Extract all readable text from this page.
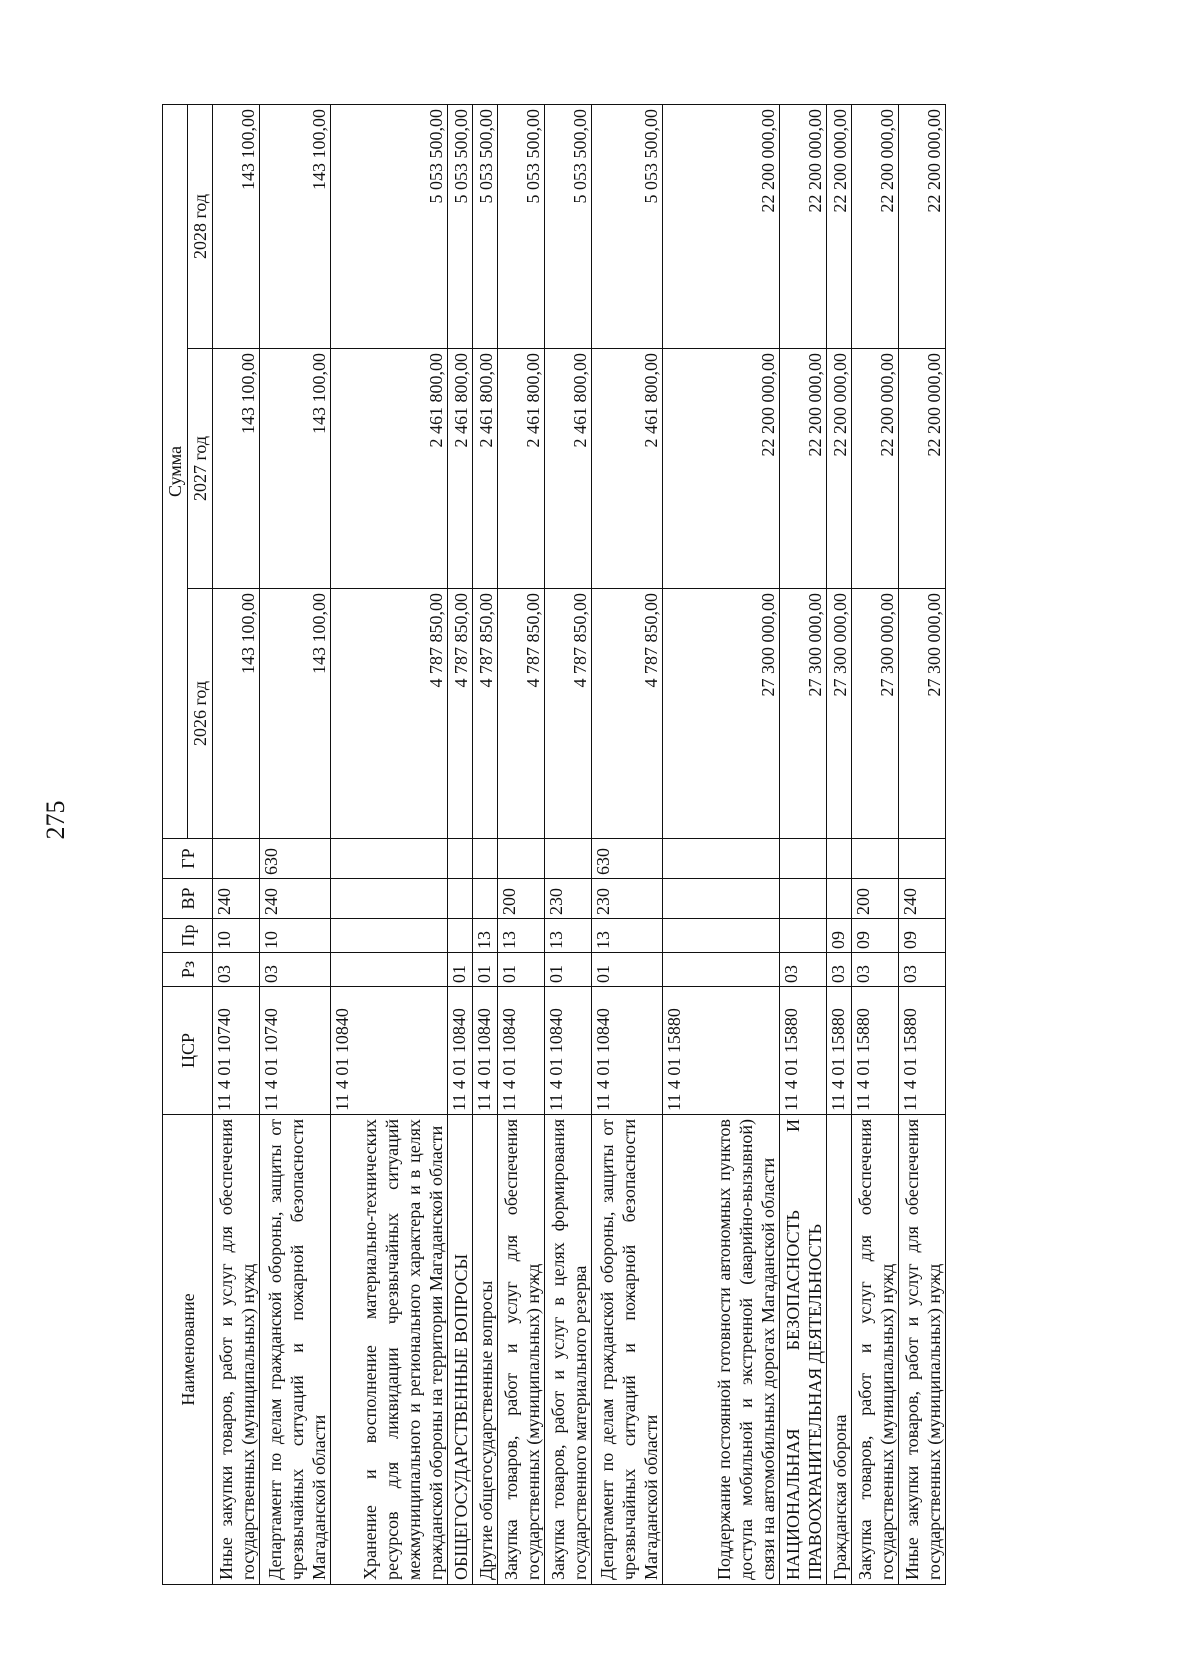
275
Наименование	ЦСР	Рз	Пр	ВР	ГР	Сумма		
						2026 год	2027 год	2028 год
Иные закупки товаров, работ и услуг для обеспечения государственных (муниципальных) нужд	11 4 01 10740	03	10	240		143 100,00	143 100,00	143 100,00
Департамент по делам гражданской обороны, защиты от чрезвычайных ситуаций и пожарной безопасности Магаданской области	11 4 01 10740	03	10	240	630	143 100,00	143 100,00	143 100,00
Хранение и восполнение материально-технических ресурсов для ликвидации чрезвычайных ситуаций межмуниципального и регионального характера и в целях гражданской обороны на территории Магаданской области	11 4 01 10840					4 787 850,00	2 461 800,00	5 053 500,00
ОБЩЕГОСУДАРСТВЕННЫЕ ВОПРОСЫ	11 4 01 10840	01				4 787 850,00	2 461 800,00	5 053 500,00
Другие общегосударственные вопросы	11 4 01 10840	01	13			4 787 850,00	2 461 800,00	5 053 500,00
Закупка товаров, работ и услуг для обеспечения государственных (муниципальных) нужд	11 4 01 10840	01	13	200		4 787 850,00	2 461 800,00	5 053 500,00
Закупка товаров, работ и услуг в целях формирования государственного материального резерва	11 4 01 10840	01	13	230		4 787 850,00	2 461 800,00	5 053 500,00
Департамент по делам гражданской обороны, защиты от чрезвычайных ситуаций и пожарной безопасности Магаданской области	11 4 01 10840	01	13	230	630	4 787 850,00	2 461 800,00	5 053 500,00
Поддержание постоянной готовности автономных пунктов доступа мобильной и экстренной (аварийно-вызывной) связи на автомобильных дорогах Магаданской области	11 4 01 15880					27 300 000,00	22 200 000,00	22 200 000,00
НАЦИОНАЛЬНАЯ БЕЗОПАСНОСТЬ И ПРАВООХРАНИТЕЛЬНАЯ ДЕЯТЕЛЬНОСТЬ	11 4 01 15880	03				27 300 000,00	22 200 000,00	22 200 000,00
Гражданская оборона	11 4 01 15880	03	09			27 300 000,00	22 200 000,00	22 200 000,00
Закупка товаров, работ и услуг для обеспечения государственных (муниципальных) нужд	11 4 01 15880	03	09	200		27 300 000,00	22 200 000,00	22 200 000,00
Иные закупки товаров, работ и услуг для обеспечения государственных (муниципальных) нужд	11 4 01 15880	03	09	240		27 300 000,00	22 200 000,00	22 200 000,00
